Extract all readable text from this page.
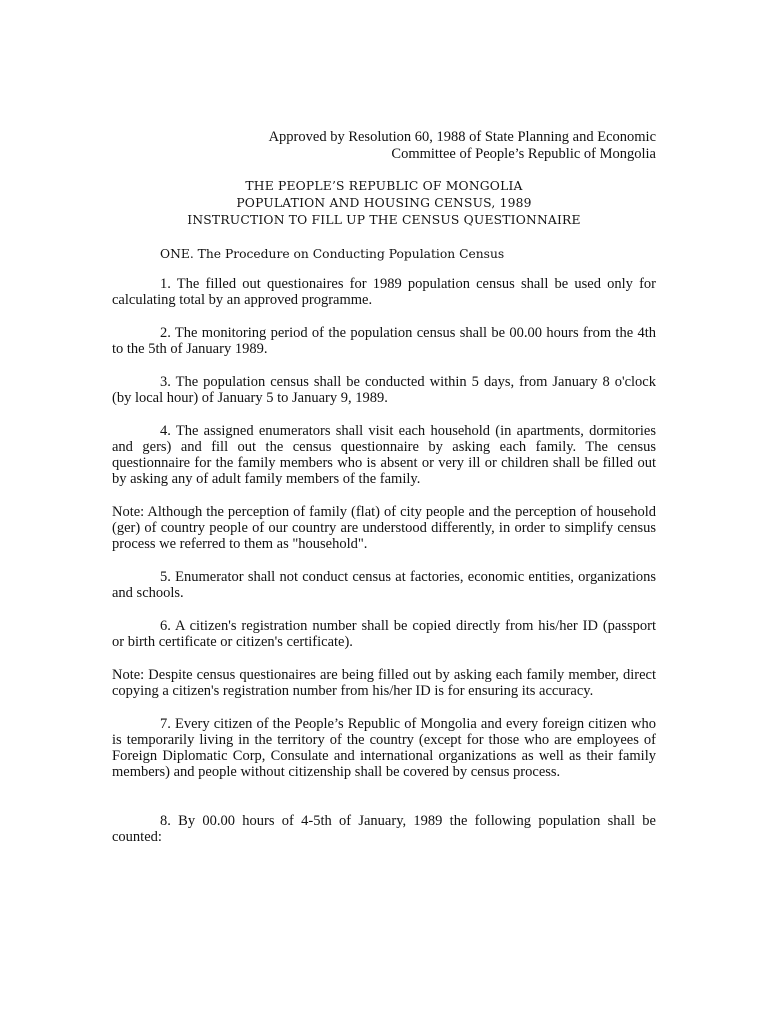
Approved by Resolution 60, 1988 of State Planning and Economic
Committee of People’s Republic of Mongolia
THE PEOPLE’S REPUBLIC OF MONGOLIA
POPULATION AND HOUSING CENSUS, 1989
INSTRUCTION TO FILL UP THE CENSUS QUESTIONNAIRE
ONE. The Procedure on Conducting Population Census

1. The filled out questionaires for 1989 population census shall be used only for calculating total by an approved programme.

2. The monitoring period of the population census shall be 00.00 hours from the 4th to the 5th of January 1989.

3. The population census shall be conducted within 5 days, from January 8 o'clock (by local hour) of January 5 to January 9, 1989.

4. The assigned enumerators shall visit each household (in apartments, dormitories and gers) and fill out the census questionnaire by asking each family. The census questionnaire for the family members who is absent or very ill or children shall be filled out by asking any of adult family members of the family.

Note: Although the perception of family (flat) of city people and the perception of household (ger) of country people of our country are understood differently, in order to simplify census process we referred to them as "household".

5. Enumerator shall not conduct census at factories, economic entities, organizations and schools.

6. A citizen's registration number shall be copied directly from his/her ID (passport or birth certificate or citizen's certificate).

Note: Despite census questionaires are being filled out by asking each family member, direct copying a citizen's registration number from his/her ID is for ensuring its accuracy.

7. Every citizen of the People’s Republic of Mongolia and every foreign citizen who is temporarily living in the territory of the country (except for those who are employees of Foreign Diplomatic Corp, Consulate and international organizations as well as their family members) and people without citizenship shall be covered by census process.

8. By 00.00 hours of 4-5th of January, 1989 the following population shall be counted:
